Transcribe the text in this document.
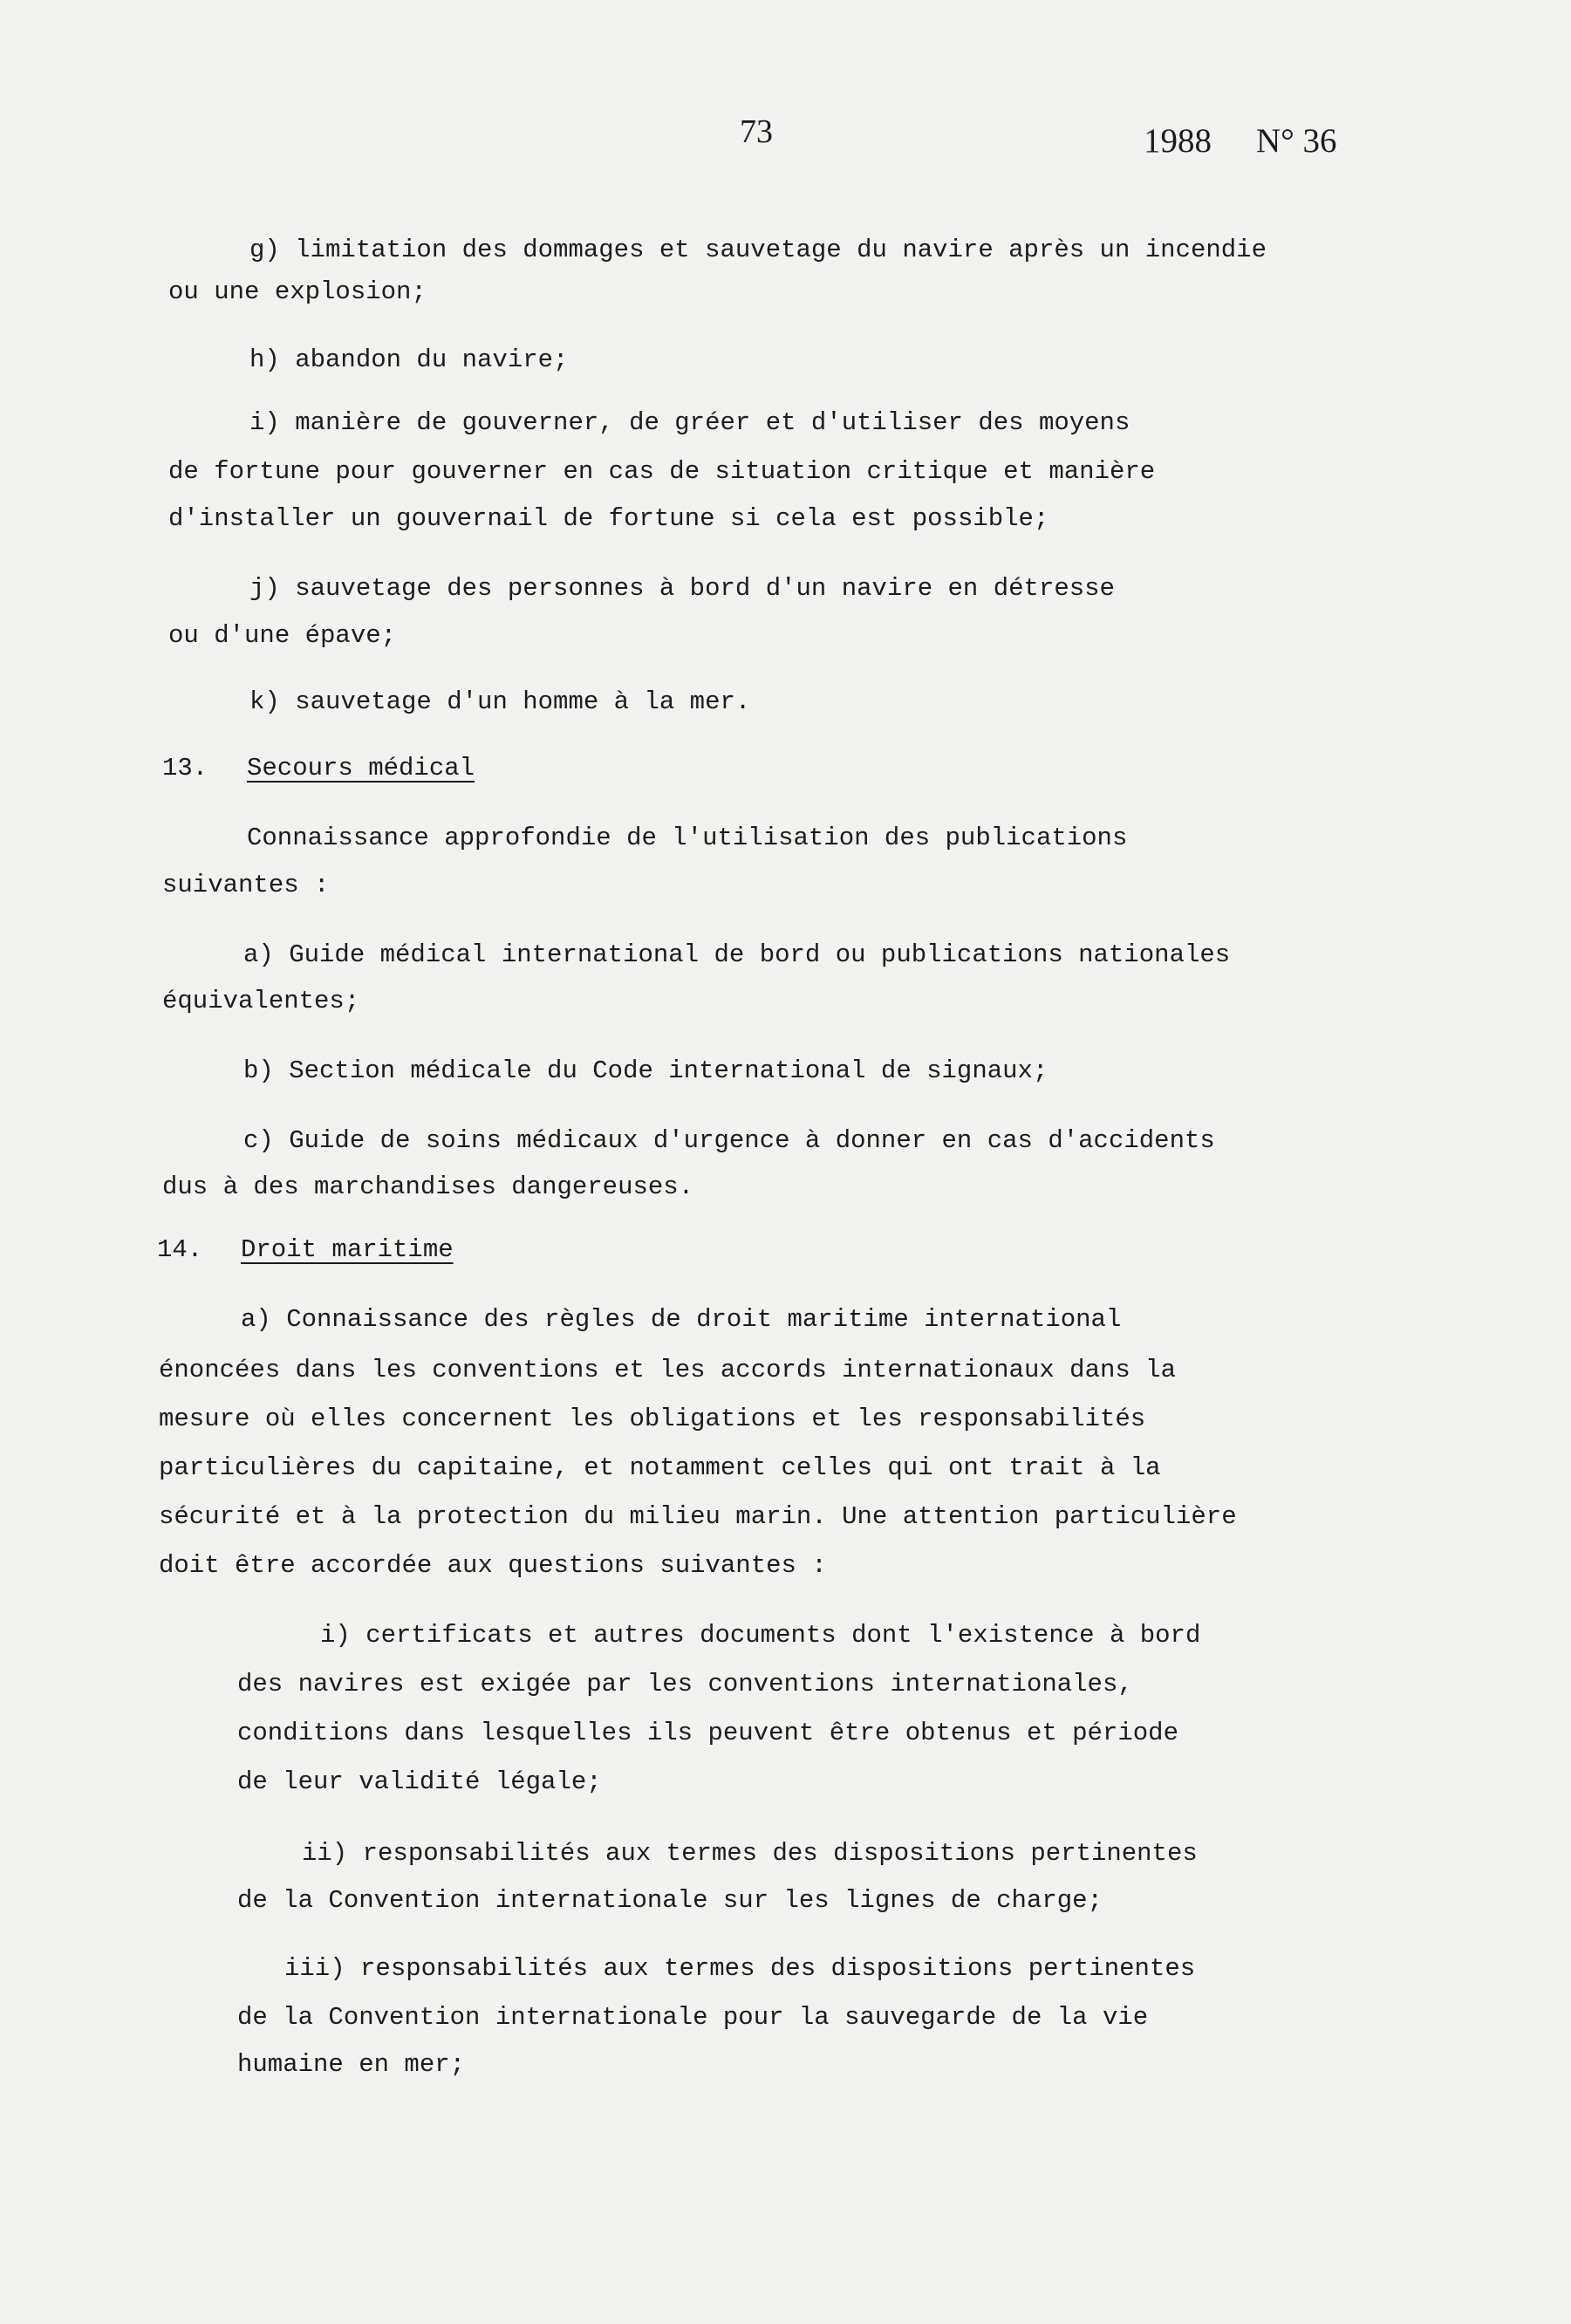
73	1988 N° 36
g) limitation des dommages et sauvetage du navire après un incendie
ou une explosion;
h) abandon du navire;
i) manière de gouverner, de gréer et d'utiliser des moyens
de fortune pour gouverner en cas de situation critique et manière
d'installer un gouvernail de fortune si cela est possible;
j) sauvetage des personnes à bord d'un navire en détresse
ou d'une épave;
k) sauvetage d'un homme à la mer.
13. Secours médical
Connaissance approfondie de l'utilisation des publications
suivantes :
a) Guide médical international de bord ou publications nationales
équivalentes;
b) Section médicale du Code international de signaux;
c) Guide de soins médicaux d'urgence à donner en cas d'accidents
dus à des marchandises dangereuses.
14. Droit maritime
a) Connaissance des règles de droit maritime international
énoncées dans les conventions et les accords internationaux dans la
mesure où elles concernent les obligations et les responsabilités
particulières du capitaine, et notamment celles qui ont trait à la
sécurité et à la protection du milieu marin. Une attention particulière
doit être accordée aux questions suivantes :
i) certificats et autres documents dont l'existence à bord
des navires est exigée par les conventions internationales,
conditions dans lesquelles ils peuvent être obtenus et période
de leur validité légale;
ii) responsabilités aux termes des dispositions pertinentes
de la Convention internationale sur les lignes de charge;
iii) responsabilités aux termes des dispositions pertinentes
de la Convention internationale pour la sauvegarde de la vie
humaine en mer;
